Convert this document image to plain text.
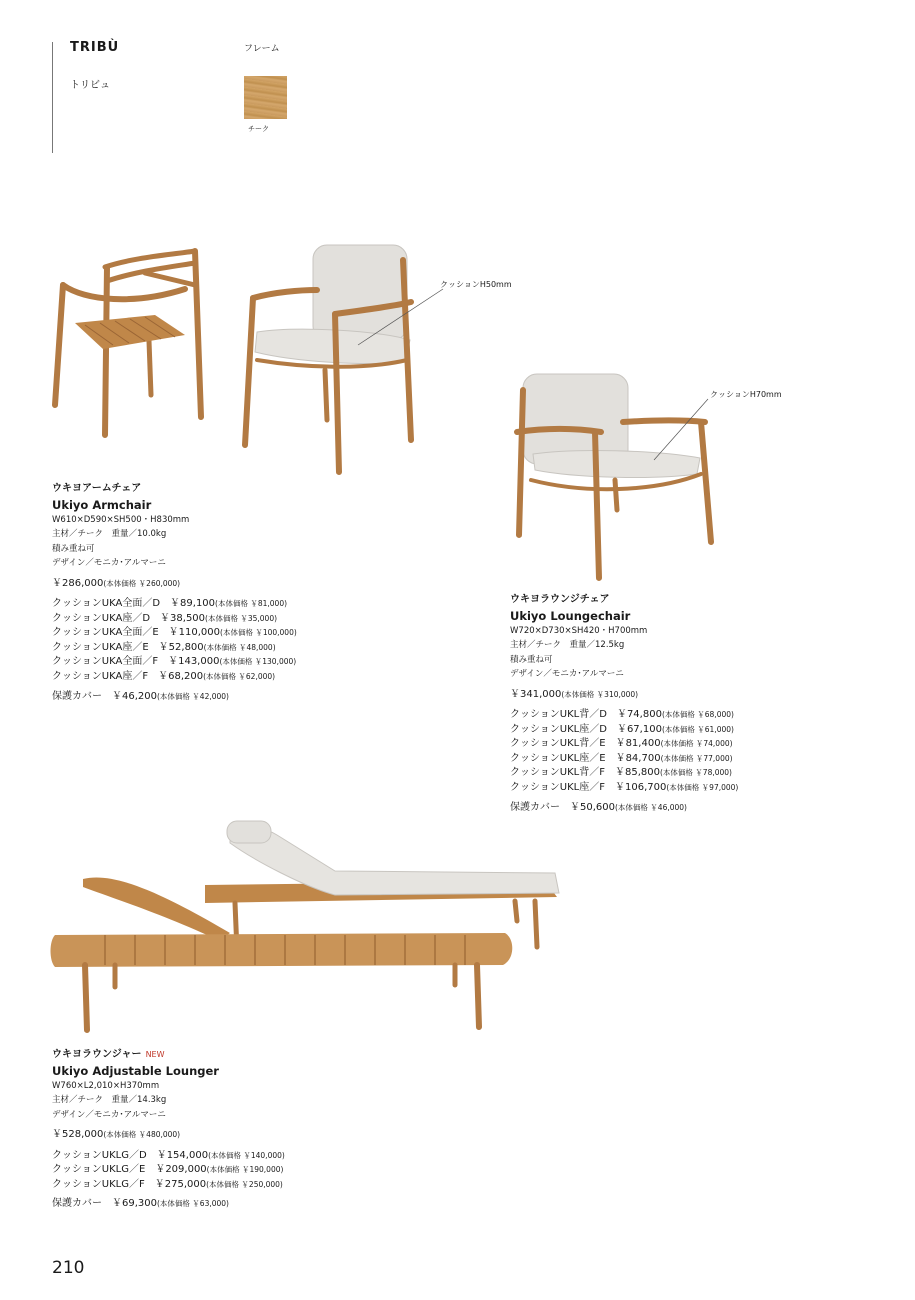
TRIBÙ
トリビュ
フレーム
チーク
クッションH50mm
クッションH70mm
ウキヨアームチェア
Ukiyo Armchair
W610×D590×SH500・H830mm
主材／チーク　重量／10.0kg
積み重ね可
デザイン／モニカ･アルマーニ
￥286,000(本体価格 ￥260,000)
クッションUKA全面／D　￥89,100(本体価格 ￥81,000)
クッションUKA座／D　￥38,500(本体価格 ￥35,000)
クッションUKA全面／E　￥110,000(本体価格 ￥100,000)
クッションUKA座／E　￥52,800(本体価格 ￥48,000)
クッションUKA全面／F　￥143,000(本体価格 ￥130,000)
クッションUKA座／F　￥68,200(本体価格 ￥62,000)
保護カバー　￥46,200(本体価格 ￥42,000)
ウキヨラウンジチェア
Ukiyo Loungechair
W720×D730×SH420・H700mm
主材／チーク　重量／12.5kg
積み重ね可
デザイン／モニカ･アルマーニ
￥341,000(本体価格 ￥310,000)
クッションUKL背／D　￥74,800(本体価格 ￥68,000)
クッションUKL座／D　￥67,100(本体価格 ￥61,000)
クッションUKL背／E　￥81,400(本体価格 ￥74,000)
クッションUKL座／E　￥84,700(本体価格 ￥77,000)
クッションUKL背／F　￥85,800(本体価格 ￥78,000)
クッションUKL座／F　￥106,700(本体価格 ￥97,000)
保護カバー　￥50,600(本体価格 ￥46,000)
ウキヨラウンジャー NEW
Ukiyo Adjustable Lounger
W760×L2,010×H370mm
主材／チーク　重量／14.3kg
デザイン／モニカ･アルマーニ
￥528,000(本体価格 ￥480,000)
クッションUKLG／D　￥154,000(本体価格 ￥140,000)
クッションUKLG／E　￥209,000(本体価格 ￥190,000)
クッションUKLG／F　￥275,000(本体価格 ￥250,000)
保護カバー　￥69,300(本体価格 ￥63,000)
210
